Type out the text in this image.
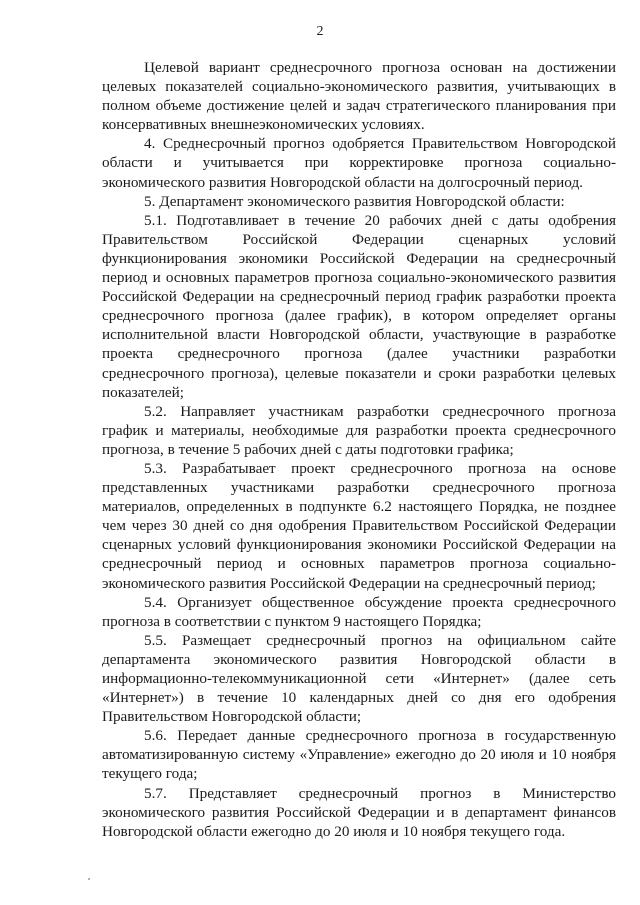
2

Целевой вариант среднесрочного прогноза основан на достижении целевых показателей социально-экономического развития, учитывающих в полном объеме достижение целей и задач стратегического планирования при консервативных внешнеэкономических условиях.

4. Среднесрочный прогноз одобряется Правительством Новгородской области и учитывается при корректировке прогноза социально-экономического развития Новгородской области на долгосрочный период.

5. Департамент экономического развития Новгородской области:

5.1. Подготавливает в течение 20 рабочих дней с даты одобрения Правительством Российской Федерации сценарных условий функционирования экономики Российской Федерации на среднесрочный период и основных параметров прогноза социально-экономического развития Российской Федерации на среднесрочный период график разработки проекта среднесрочного прогноза (далее график), в котором определяет органы исполнительной власти Новгородской области, участвующие в разработке проекта среднесрочного прогноза (далее участники разработки среднесрочного прогноза), целевые показатели и сроки разработки целевых показателей;

5.2. Направляет участникам разработки среднесрочного прогноза график и материалы, необходимые для разработки проекта среднесрочного прогноза, в течение 5 рабочих дней с даты подготовки графика;

5.3. Разрабатывает проект среднесрочного прогноза на основе представленных участниками разработки среднесрочного прогноза материалов, определенных в подпункте 6.2 настоящего Порядка, не позднее чем через 30 дней со дня одобрения Правительством Российской Федерации сценарных условий функционирования экономики Российской Федерации на среднесрочный период и основных параметров прогноза социально-экономического развития Российской Федерации на среднесрочный период;

5.4. Организует общественное обсуждение проекта среднесрочного прогноза в соответствии с пунктом 9 настоящего Порядка;

5.5. Размещает среднесрочный прогноз на официальном сайте департамента экономического развития Новгородской области в информационно-телекоммуникационной сети «Интернет» (далее сеть «Интернет») в течение 10 календарных дней со дня его одобрения Правительством Новгородской области;

5.6. Передает данные среднесрочного прогноза в государственную автоматизированную систему «Управление» ежегодно до 20 июля и 10 ноября текущего года;

5.7. Представляет среднесрочный прогноз в Министерство экономического развития Российской Федерации и в департамент финансов Новгородской области ежегодно до 20 июля и 10 ноября текущего года.
